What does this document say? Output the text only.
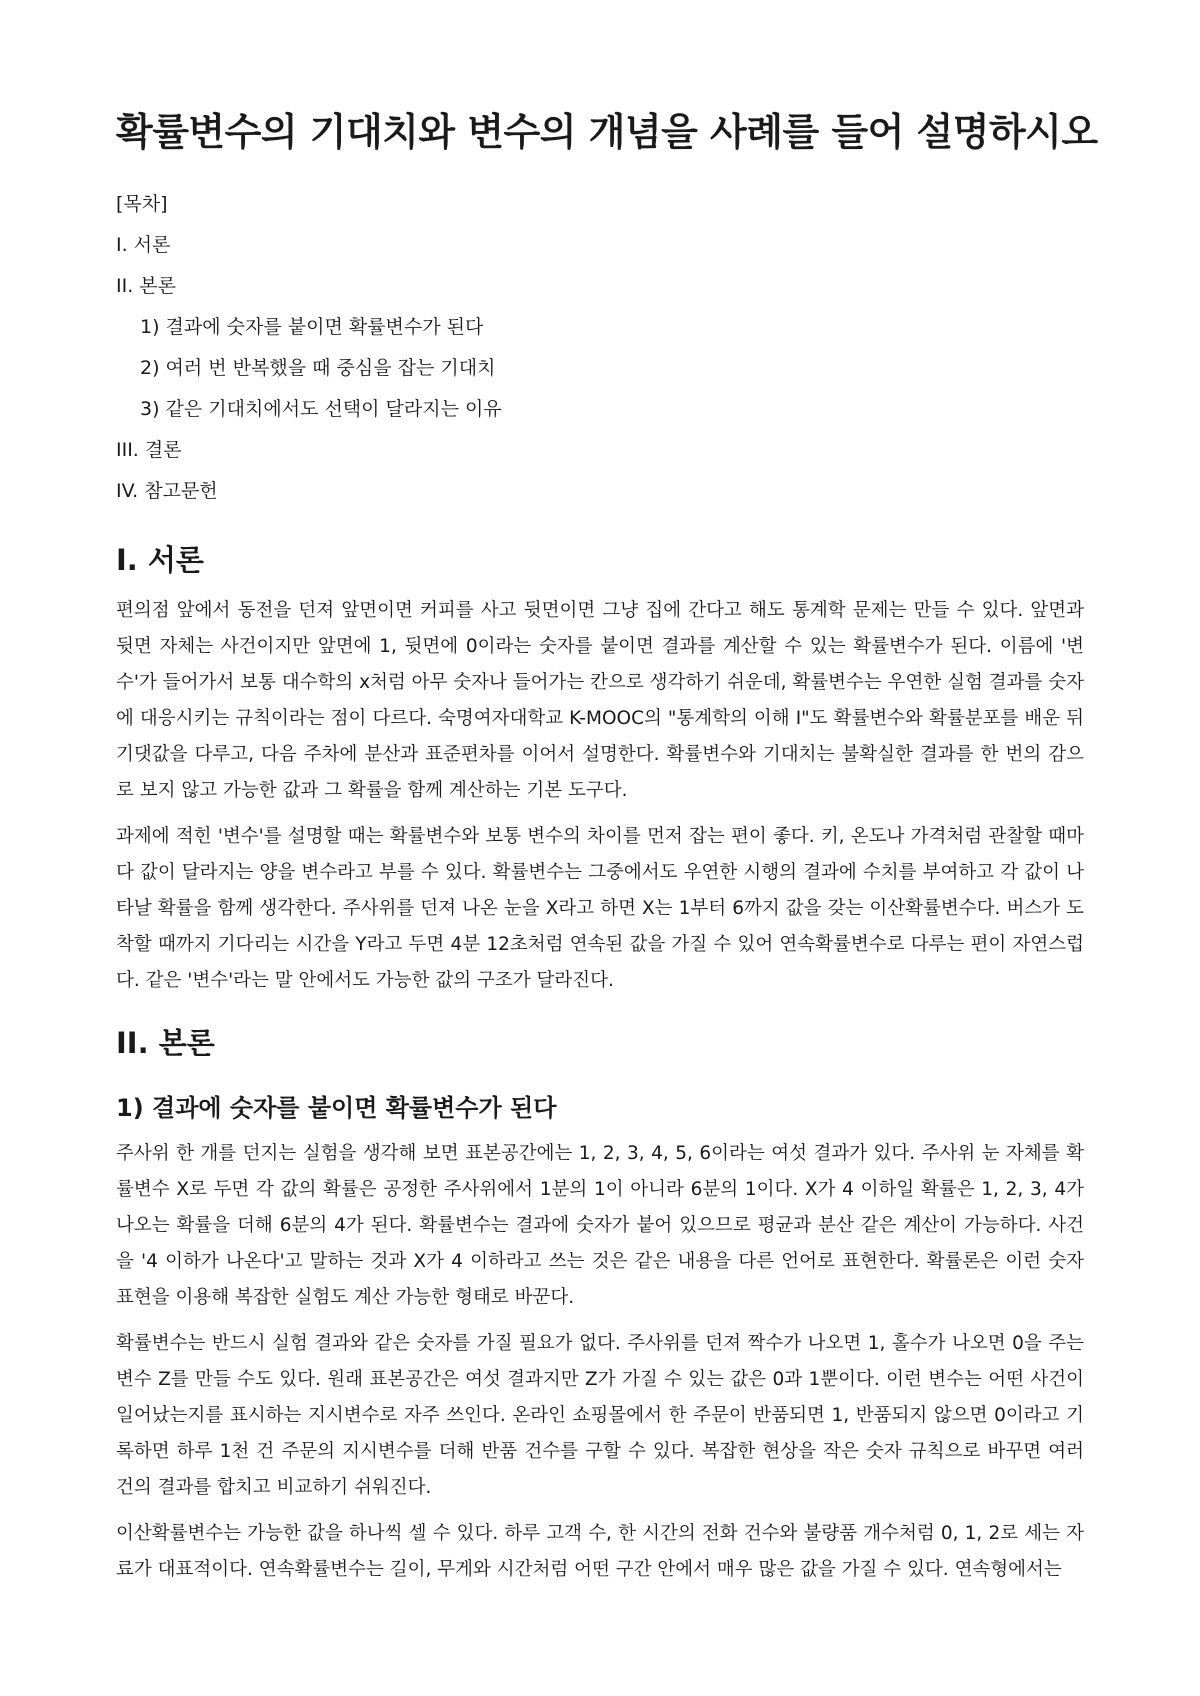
확률변수의 기대치와 변수의 개념을 사례를 들어 설명하시오
[목차]
I. 서론
II. 본론
1) 결과에 숫자를 붙이면 확률변수가 된다
2) 여러 번 반복했을 때 중심을 잡는 기대치
3) 같은 기대치에서도 선택이 달라지는 이유
III. 결론
IV. 참고문헌
I. 서론

편의점 앞에서 동전을 던져 앞면이면 커피를 사고 뒷면이면 그냥 집에 간다고 해도 통계학 문제는 만들 수 있다. 앞면과 뒷면 자체는 사건이지만 앞면에 1, 뒷면에 0이라는 숫자를 붙이면 결과를 계산할 수 있는 확률변수가 된다. 이름에 '변수'가 들어가서 보통 대수학의 x처럼 아무 숫자나 들어가는 칸으로 생각하기 쉬운데, 확률변수는 우연한 실험 결과를 숫자에 대응시키는 규칙이라는 점이 다르다. 숙명여자대학교 K-MOOC의 "통계학의 이해 I"도 확률변수와 확률분포를 배운 뒤 기댓값을 다루고, 다음 주차에 분산과 표준편차를 이어서 설명한다. 확률변수와 기대치는 불확실한 결과를 한 번의 감으로 보지 않고 가능한 값과 그 확률을 함께 계산하는 기본 도구다.

과제에 적힌 '변수'를 설명할 때는 확률변수와 보통 변수의 차이를 먼저 잡는 편이 좋다. 키, 온도나 가격처럼 관찰할 때마다 값이 달라지는 양을 변수라고 부를 수 있다. 확률변수는 그중에서도 우연한 시행의 결과에 수치를 부여하고 각 값이 나타날 확률을 함께 생각한다. 주사위를 던져 나온 눈을 X라고 하면 X는 1부터 6까지 값을 갖는 이산확률변수다. 버스가 도착할 때까지 기다리는 시간을 Y라고 두면 4분 12초처럼 연속된 값을 가질 수 있어 연속확률변수로 다루는 편이 자연스럽다. 같은 '변수'라는 말 안에서도 가능한 값의 구조가 달라진다.

II. 본론
1) 결과에 숫자를 붙이면 확률변수가 된다

주사위 한 개를 던지는 실험을 생각해 보면 표본공간에는 1, 2, 3, 4, 5, 6이라는 여섯 결과가 있다. 주사위 눈 자체를 확률변수 X로 두면 각 값의 확률은 공정한 주사위에서 1분의 1이 아니라 6분의 1이다. X가 4 이하일 확률은 1, 2, 3, 4가 나오는 확률을 더해 6분의 4가 된다. 확률변수는 결과에 숫자가 붙어 있으므로 평균과 분산 같은 계산이 가능하다. 사건을 '4 이하가 나온다'고 말하는 것과 X가 4 이하라고 쓰는 것은 같은 내용을 다른 언어로 표현한다. 확률론은 이런 숫자 표현을 이용해 복잡한 실험도 계산 가능한 형태로 바꾼다.

확률변수는 반드시 실험 결과와 같은 숫자를 가질 필요가 없다. 주사위를 던져 짝수가 나오면 1, 홀수가 나오면 0을 주는 변수 Z를 만들 수도 있다. 원래 표본공간은 여섯 결과지만 Z가 가질 수 있는 값은 0과 1뿐이다. 이런 변수는 어떤 사건이 일어났는지를 표시하는 지시변수로 자주 쓰인다. 온라인 쇼핑몰에서 한 주문이 반품되면 1, 반품되지 않으면 0이라고 기록하면 하루 1천 건 주문의 지시변수를 더해 반품 건수를 구할 수 있다. 복잡한 현상을 작은 숫자 규칙으로 바꾸면 여러 건의 결과를 합치고 비교하기 쉬워진다.

이산확률변수는 가능한 값을 하나씩 셀 수 있다. 하루 고객 수, 한 시간의 전화 건수와 불량품 개수처럼 0, 1, 2로 세는 자료가 대표적이다. 연속확률변수는 길이, 무게와 시간처럼 어떤 구간 안에서 매우 많은 값을 가질 수 있다. 연속형에서는
